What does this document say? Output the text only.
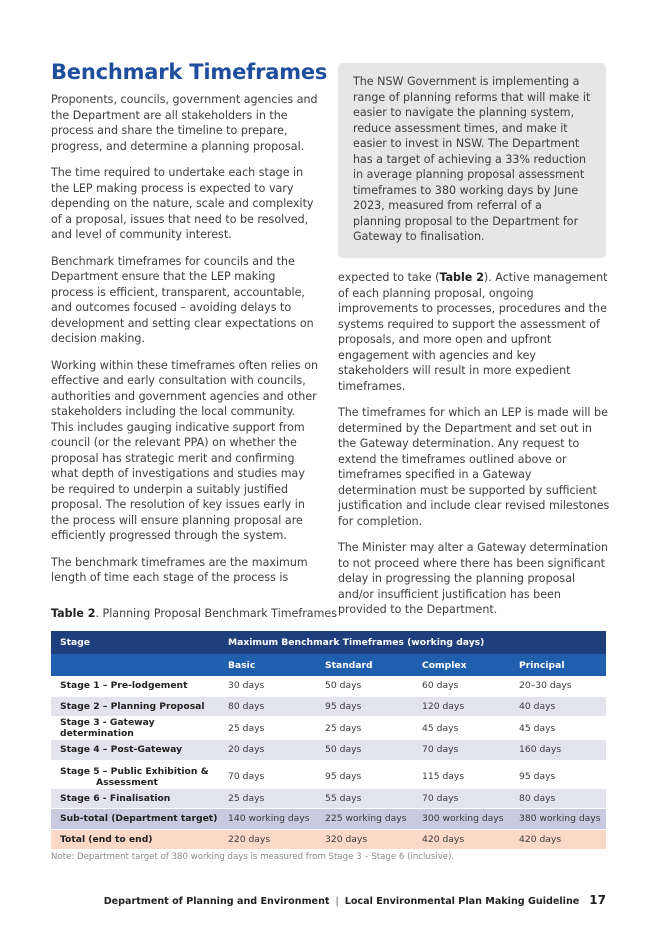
Benchmark Timeframes

Proponents, councils, government agencies and the Department are all stakeholders in the process and share the timeline to prepare, progress, and determine a planning proposal.

The time required to undertake each stage in the LEP making process is expected to vary depending on the nature, scale and complexity of a proposal, issues that need to be resolved, and level of community interest.

Benchmark timeframes for councils and the Department ensure that the LEP making process is efficient, transparent, accountable, and outcomes focused – avoiding delays to development and setting clear expectations on decision making.

Working within these timeframes often relies on effective and early consultation with councils, authorities and government agencies and other stakeholders including the local community. This includes gauging indicative support from council (or the relevant PPA) on whether the proposal has strategic merit and confirming what depth of investigations and studies may be required to underpin a suitably justified proposal. The resolution of key issues early in the process will ensure planning proposal are efficiently progressed through the system.

The benchmark timeframes are the maximum length of time each stage of the process is

The NSW Government is implementing a range of planning reforms that will make it easier to navigate the planning system, reduce assessment times, and make it easier to invest in NSW. The Department has a target of achieving a 33% reduction in average planning proposal assessment timeframes to 380 working days by June 2023, measured from referral of a planning proposal to the Department for Gateway to finalisation.

expected to take (Table 2). Active management of each planning proposal, ongoing improvements to processes, procedures and the systems required to support the assessment of proposals, and more open and upfront engagement with agencies and key stakeholders will result in more expedient timeframes.

The timeframes for which an LEP is made will be determined by the Department and set out in the Gateway determination. Any request to extend the timeframes outlined above or timeframes specified in a Gateway determination must be supported by sufficient justification and include clear revised milestones for completion.

The Minister may alter a Gateway determination to not proceed where there has been significant delay in progressing the planning proposal and/or insufficient justification has been provided to the Department.

Table 2. Planning Proposal Benchmark Timeframes
Stage	Maximum Benchmark Timeframes (working days)			
	Basic	Standard	Complex	Principal
Stage 1 – Pre-lodgement	30 days	50 days	60 days	20–30 days
Stage 2 – Planning Proposal	80 days	95 days	120 days	40 days
Stage 3 - Gateway determination	25 days	25 days	45 days	45 days
Stage 4 – Post-Gateway	20 days	50 days	70 days	160 days
Stage 5 – Public Exhibition &
Assessment	70 days	95 days	115 days	95 days
Stage 6 - Finalisation	25 days	55 days	70 days	80 days
Sub-total (Department target)	140 working days	225 working days	300 working days	380 working days
Total (end to end)	220 days	320 days	420 days	420 days
Note: Department target of 380 working days is measured from Stage 3 – Stage 6 (inclusive).
Department of Planning and Environment | Local Environmental Plan Making Guideline 17
